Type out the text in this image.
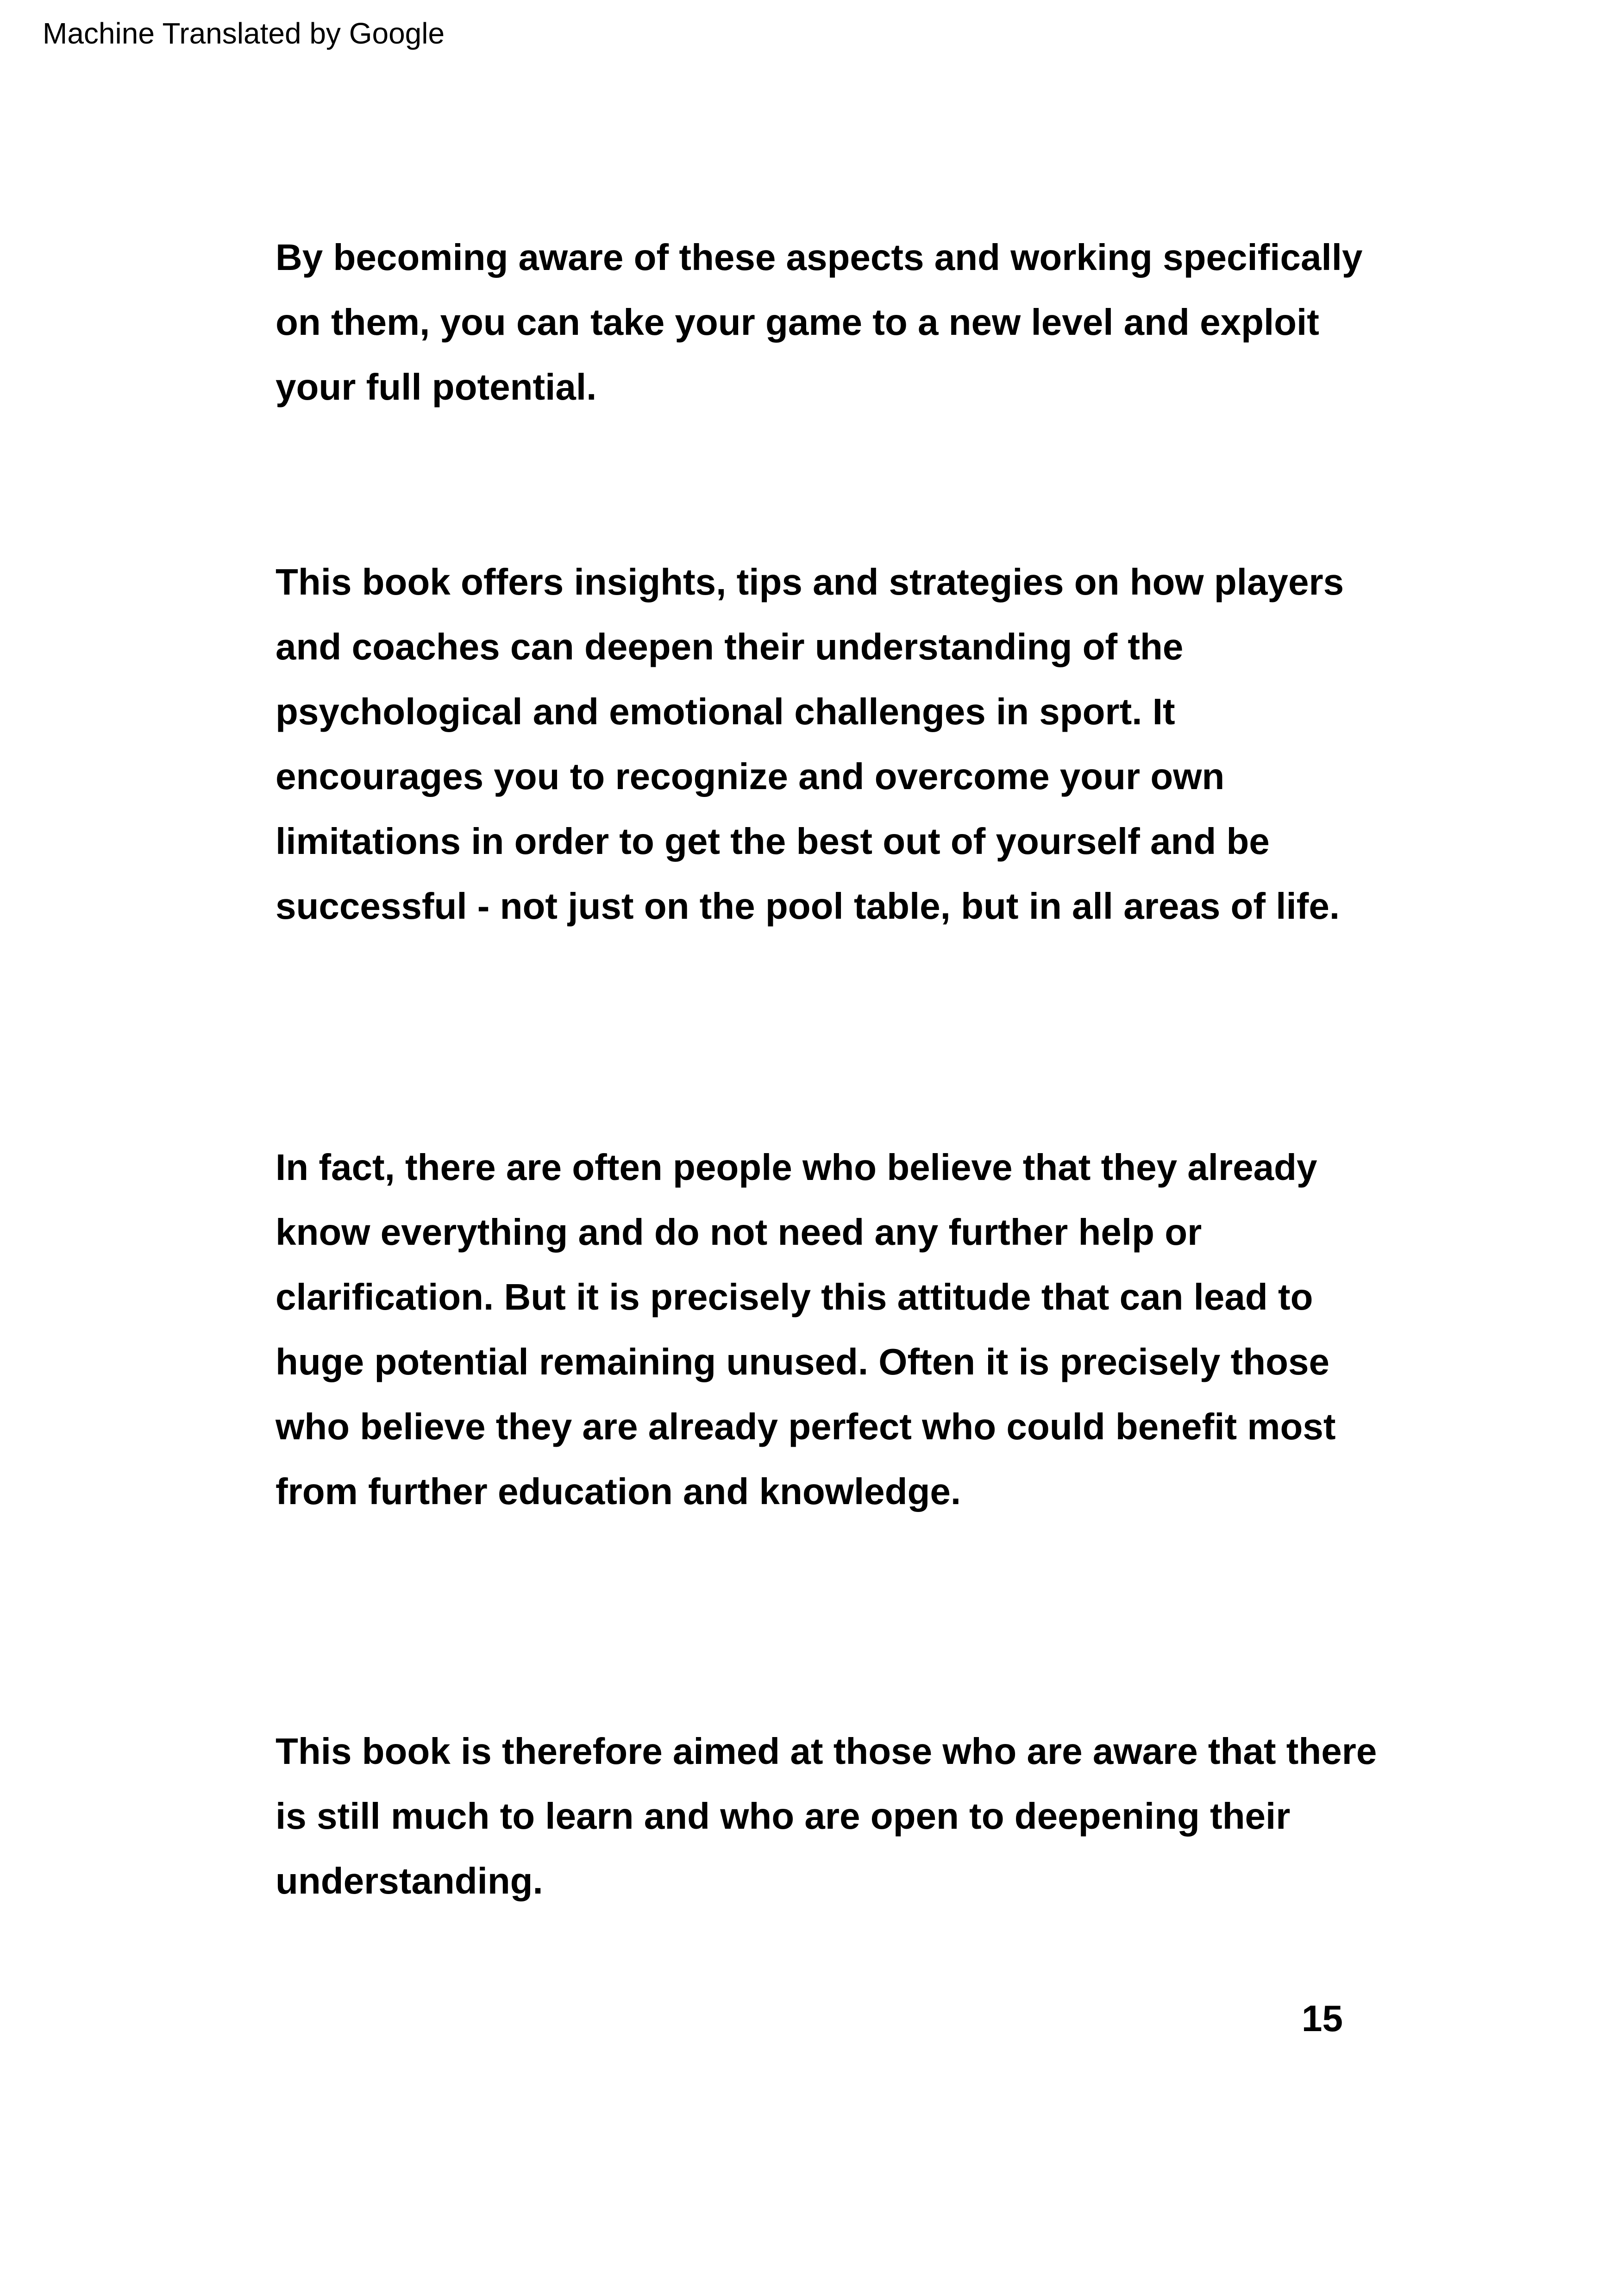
Machine Translated by Google
By becoming aware of these aspects and working specifically
on them, you can take your game to a new level and exploit
your full potential.
This book offers insights, tips and strategies on how players
and coaches can deepen their understanding of the
psychological and emotional challenges in sport. It
encourages you to recognize and overcome your own
limitations in order to get the best out of yourself and be
successful - not just on the pool table, but in all areas of life.
In fact, there are often people who believe that they already
know everything and do not need any further help or
clarification. But it is precisely this attitude that can lead to
huge potential remaining unused. Often it is precisely those
who believe they are already perfect who could benefit most
from further education and knowledge.
This book is therefore aimed at those who are aware that there
is still much to learn and who are open to deepening their
understanding.
15
